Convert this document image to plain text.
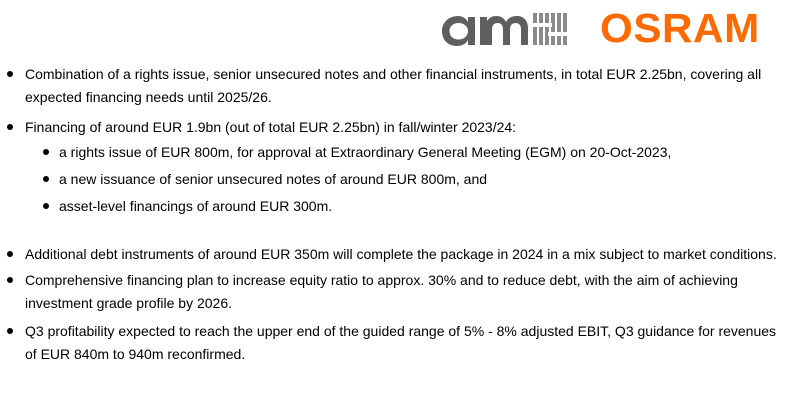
OSRAM
Combination of a rights issue, senior unsecured notes and other financial instruments, in total EUR 2.25bn, covering all
expected financing needs until 2025/26.
Financing of around EUR 1.9bn (out of total EUR 2.25bn) in fall/winter 2023/24:
a rights issue of EUR 800m, for approval at Extraordinary General Meeting (EGM) on 20-Oct-2023,
a new issuance of senior unsecured notes of around EUR 800m, and
asset-level financings of around EUR 300m.
Additional debt instruments of around EUR 350m will complete the package in 2024 in a mix subject to market conditions.
Comprehensive financing plan to increase equity ratio to approx. 30% and to reduce debt, with the aim of achieving
investment grade profile by 2026.
Q3 profitability expected to reach the upper end of the guided range of 5% - 8% adjusted EBIT, Q3 guidance for revenues
of EUR 840m to 940m reconfirmed.
